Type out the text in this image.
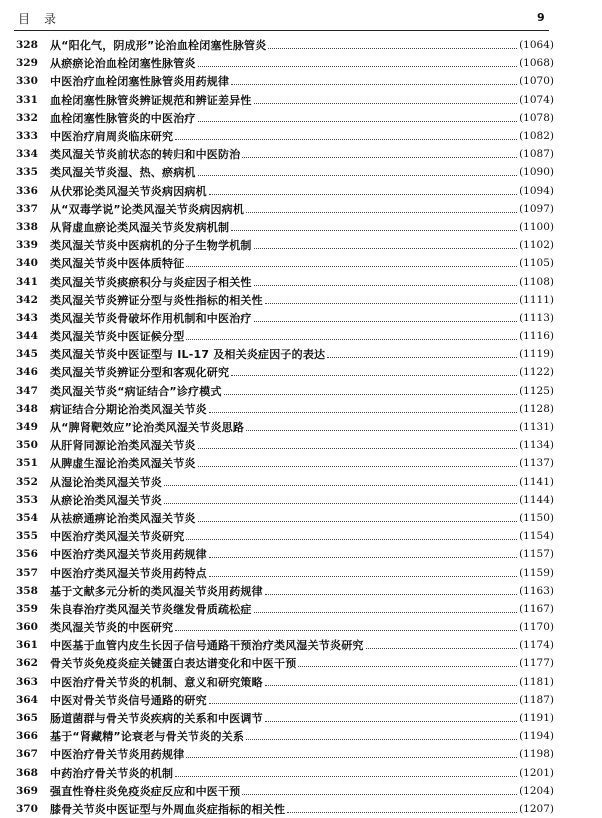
目录	9
328	从“阳化气，阴成形”论治血栓闭塞性脉管炎	(1064)
329	从瘀瘀论治血栓闭塞性脉管炎	(1068)
330	中医治疗血栓闭塞性脉管炎用药规律	(1070)
331	血栓闭塞性脉管炎辨证规范和辨证差异性	(1074)
332	血栓闭塞性脉管炎的中医治疗	(1078)
333	中医治疗肩周炎临床研究	(1082)
334	类风湿关节炎前状态的转归和中医防治	(1087)
335	类风湿关节炎湿、热、瘀病机	(1090)
336	从伏邪论类风湿关节炎病因病机	(1094)
337	从“双毒学说”论类风湿关节炎病因病机	(1097)
338	从肾虚血瘀论类风湿关节炎发病机制	(1100)
339	类风湿关节炎中医病机的分子生物学机制	(1102)
340	类风湿关节炎中医体质特征	(1105)
341	类风湿关节炎痰瘀积分与炎症因子相关性	(1108)
342	类风湿关节炎辨证分型与炎性指标的相关性	(1111)
343	类风湿关节炎骨破坏作用机制和中医治疗	(1113)
344	类风湿关节炎中医证候分型	(1116)
345	类风湿关节炎中医证型与 IL-17 及相关炎症因子的表达	(1119)
346	类风湿关节炎辨证分型和客观化研究	(1122)
347	类风湿关节炎“病证结合”诊疗模式	(1125)
348	病证结合分期论治类风湿关节炎	(1128)
349	从“脾肾靶效应”论治类风湿关节炎思路	(1131)
350	从肝肾同源论治类风湿关节炎	(1134)
351	从脾虚生湿论治类风湿关节炎	(1137)
352	从湿论治类风湿关节炎	(1141)
353	从瘀论治类风湿关节炎	(1144)
354	从祛瘀通痹论治类风湿关节炎	(1150)
355	中医治疗类风湿关节炎研究	(1154)
356	中医治疗类风湿关节炎用药规律	(1157)
357	中医治疗类风湿关节炎用药特点	(1159)
358	基于文献多元分析的类风湿关节炎用药规律	(1163)
359	朱良春治疗类风湿关节炎继发骨质疏松症	(1167)
360	类风湿关节炎的中医研究	(1170)
361	中医基于血管内皮生长因子信号通路干预治疗类风湿关节炎研究	(1174)
362	骨关节炎免疫炎症关键蛋白表达谱变化和中医干预	(1177)
363	中医治疗骨关节炎的机制、意义和研究策略	(1181)
364	中医对骨关节炎信号通路的研究	(1187)
365	肠道菌群与骨关节炎疾病的关系和中医调节	(1191)
366	基于“肾藏精”论衰老与骨关节炎的关系	(1194)
367	中医治疗骨关节炎用药规律	(1198)
368	中药治疗骨关节炎的机制	(1201)
369	强直性脊柱炎免疫炎症反应和中医干预	(1204)
370	膝骨关节炎中医证型与外周血炎症指标的相关性	(1207)
